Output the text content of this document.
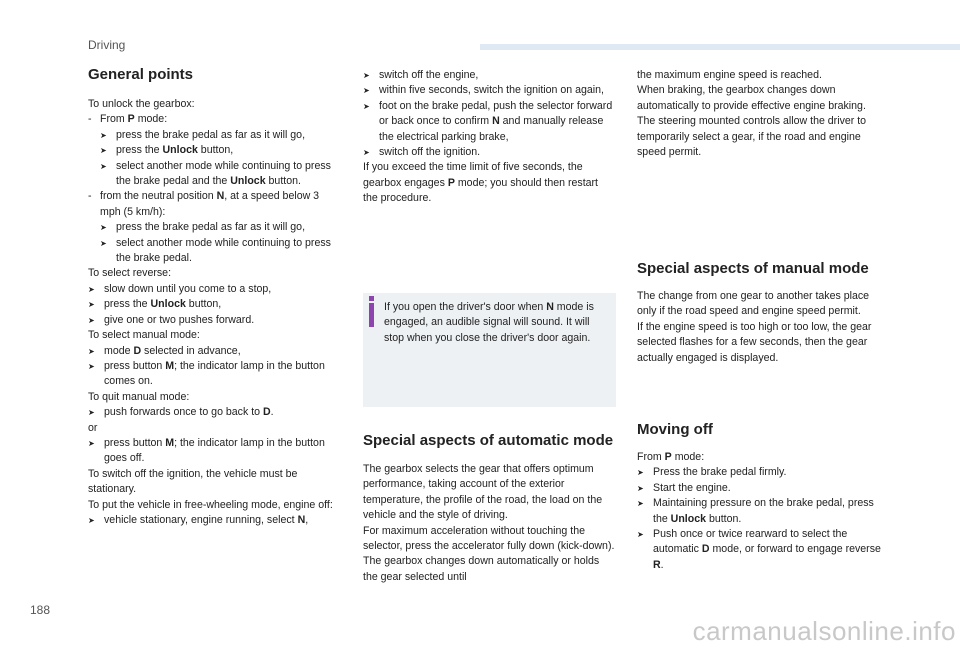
Driving
General points
To unlock the gearbox:
- From P mode:
➤ press the brake pedal as far as it will go,
➤ press the Unlock button,
➤ select another mode while continuing to press the brake pedal and the Unlock button.
- from the neutral position N, at a speed below 3 mph (5 km/h):
➤ press the brake pedal as far as it will go,
➤ select another mode while continuing to press the brake pedal.
To select reverse:
➤ slow down until you come to a stop,
➤ press the Unlock button,
➤ give one or two pushes forward.
To select manual mode:
➤ mode D selected in advance,
➤ press button M; the indicator lamp in the button comes on.
To quit manual mode:
➤ push forwards once to go back to D.
or
➤ press button M; the indicator lamp in the button goes off.
To switch off the ignition, the vehicle must be stationary.
To put the vehicle in free-wheeling mode, engine off:
➤ vehicle stationary, engine running, select N,
➤ switch off the engine,
➤ within five seconds, switch the ignition on again,
➤ foot on the brake pedal, push the selector forward or back once to confirm N and manually release the electrical parking brake,
➤ switch off the ignition.
If you exceed the time limit of five seconds, the gearbox engages P mode; you should then restart the procedure.
If you open the driver's door when N mode is engaged, an audible signal will sound. It will stop when you close the driver's door again.
Special aspects of automatic mode
The gearbox selects the gear that offers optimum performance, taking account of the exterior temperature, the profile of the road, the load on the vehicle and the style of driving.
For maximum acceleration without touching the selector, press the accelerator fully down (kick-down). The gearbox changes down automatically or holds the gear selected until
the maximum engine speed is reached.
When braking, the gearbox changes down automatically to provide effective engine braking.
The steering mounted controls allow the driver to temporarily select a gear, if the road and engine speed permit.
Special aspects of manual mode
The change from one gear to another takes place only if the road speed and engine speed permit.
If the engine speed is too high or too low, the gear selected flashes for a few seconds, then the gear actually engaged is displayed.
Moving off
From P mode:
➤ Press the brake pedal firmly.
➤ Start the engine.
➤ Maintaining pressure on the brake pedal, press the Unlock button.
➤ Push once or twice rearward to select the automatic D mode, or forward to engage reverse R.
188
carmanualsonline.info
